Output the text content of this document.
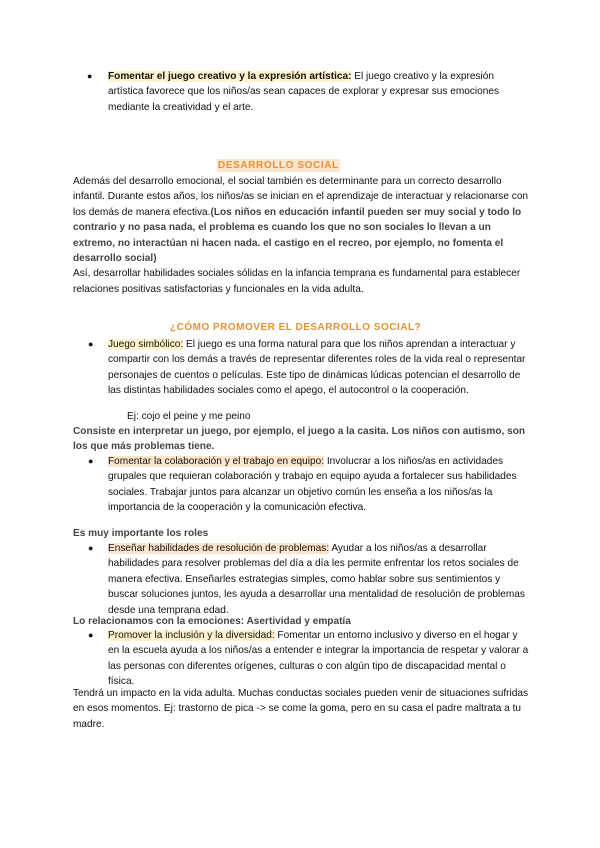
● Fomentar el juego creativo y la expresión artística: El juego creativo y la expresión artística favorece que los niños/as sean capaces de explorar y expresar sus emociones mediante la creatividad y el arte.

DESARROLLO SOCIAL

Además del desarrollo emocional, el social también es determinante para un correcto desarrollo infantil. Durante estos años, los niños/as se inician en el aprendizaje de interactuar y relacionarse con los demás de manera efectiva.(Los niños en educación infantil pueden ser muy social y todo lo contrario y no pasa nada, el problema es cuando los que no son sociales lo llevan a un extremo, no interactúan ni hacen nada. el castigo en el recreo, por ejemplo, no fomenta el desarrollo social)

Así, desarrollar habilidades sociales sólidas en la infancia temprana es fundamental para establecer relaciones positivas satisfactorias y funcionales en la vida adulta.

¿CÓMO PROMOVER EL DESARROLLO SOCIAL?
● Juego simbólico: El juego es una forma natural para que los niños aprendan a interactuar y compartir con los demás a través de representar diferentes roles de la vida real o representar personajes de cuentos o películas. Este tipo de dinámicas lúdicas potencian el desarrollo de las distintas habilidades sociales como el apego, el autocontrol o la cooperación.

Ej: cojo el peine y me peino
Consiste en interpretar un juego, por ejemplo, el juego a la casita. Los niños con autismo, son los que más problemas tiene.
● Fomentar la colaboración y el trabajo en equipo: Involucrar a los niños/as en actividades grupales que requieran colaboración y trabajo en equipo ayuda a fortalecer sus habilidades sociales. Trabajar juntos para alcanzar un objetivo común les enseña a los niños/as la importancia de la cooperación y la comunicación efectiva.

Es muy importante los roles
● Enseñar habilidades de resolución de problemas: Ayudar a los niños/as a desarrollar habilidades para resolver problemas del día a día les permite enfrentar los retos sociales de manera efectiva. Enseñarles estrategias simples, como hablar sobre sus sentimientos y buscar soluciones juntos, les ayuda a desarrollar una mentalidad de resolución de problemas desde una temprana edad.

Lo relacionamos con la emociones: Asertividad y empatía
● Promover la inclusión y la diversidad: Fomentar un entorno inclusivo y diverso en el hogar y en la escuela ayuda a los niños/as a entender e integrar la importancia de respetar y valorar a las personas con diferentes orígenes, culturas o con algún tipo de discapacidad mental o física.

Tendrá un impacto en la vida adulta. Muchas conductas sociales pueden venir de situaciones sufridas en esos momentos. Ej: trastorno de pica -> se come la goma, pero en su casa el padre maltrata a tu madre.
